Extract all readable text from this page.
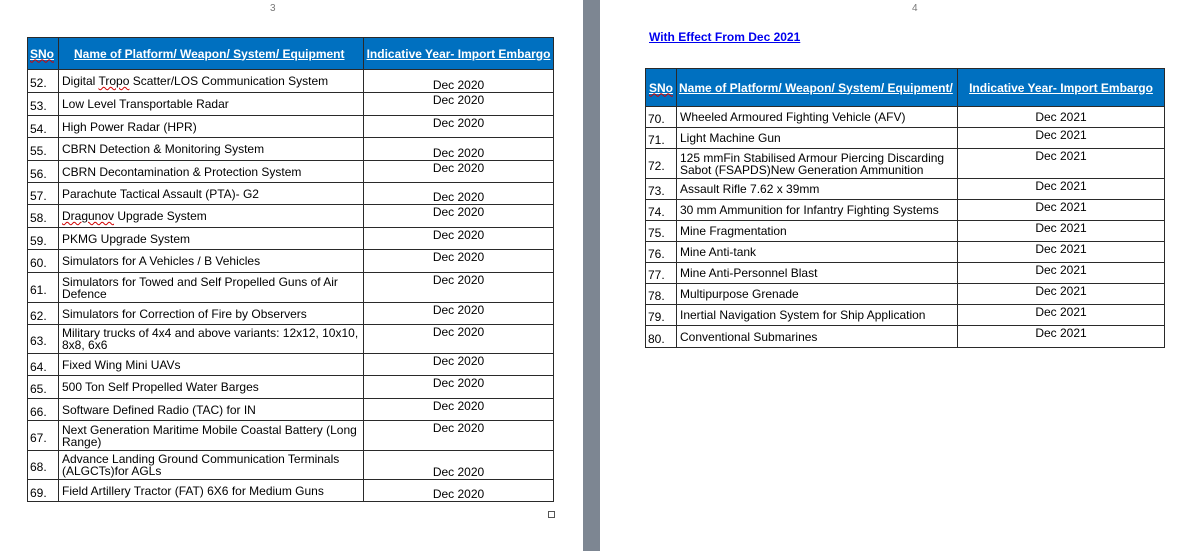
3	4
SNo	Name of Platform/ Weapon/ System/ Equipment	Indicative Year- Import Embargo
52.	Digital Tropo Scatter/LOS Communication System	Dec 2020
53.	Low Level Transportable Radar	Dec 2020
54.	High Power Radar (HPR)	Dec 2020
55.	CBRN Detection & Monitoring System	Dec 2020
56.	CBRN Decontamination & Protection System	Dec 2020
57.	Parachute Tactical Assault (PTA)- G2	Dec 2020
58.	Dragunov Upgrade System	Dec 2020
59.	PKMG Upgrade System	Dec 2020
60.	Simulators for A Vehicles / B Vehicles	Dec 2020
61.	Simulators for Towed and Self Propelled Guns of Air Defence	Dec 2020
62.	Simulators for Correction of Fire by Observers	Dec 2020
63.	Military trucks of 4x4 and above variants: 12x12, 10x10, 8x8, 6x6	Dec 2020
64.	Fixed Wing Mini UAVs	Dec 2020
65.	500 Ton Self Propelled Water Barges	Dec 2020
66.	Software Defined Radio (TAC) for IN	Dec 2020
67.	Next Generation Maritime Mobile Coastal Battery (Long Range)	Dec 2020
68.	Advance Landing Ground Communication Terminals (ALGCTs)for AGLs	Dec 2020
69.	Field Artillery Tractor (FAT) 6X6 for Medium Guns	Dec 2020
With Effect From Dec 2021
SNo	Name of Platform/ Weapon/ System/ Equipment/	Indicative Year- Import Embargo
70.	Wheeled Armoured Fighting Vehicle (AFV)	Dec 2021
71.	Light Machine Gun	Dec 2021
72.	125 mmFin Stabilised Armour Piercing Discarding Sabot (FSAPDS)New Generation Ammunition	Dec 2021
73.	Assault Rifle 7.62 x 39mm	Dec 2021
74.	30 mm Ammunition for Infantry Fighting Systems	Dec 2021
75.	Mine Fragmentation	Dec 2021
76.	Mine Anti-tank	Dec 2021
77.	Mine Anti-Personnel Blast	Dec 2021
78.	Multipurpose Grenade	Dec 2021
79.	Inertial Navigation System for Ship Application	Dec 2021
80.	Conventional Submarines	Dec 2021
